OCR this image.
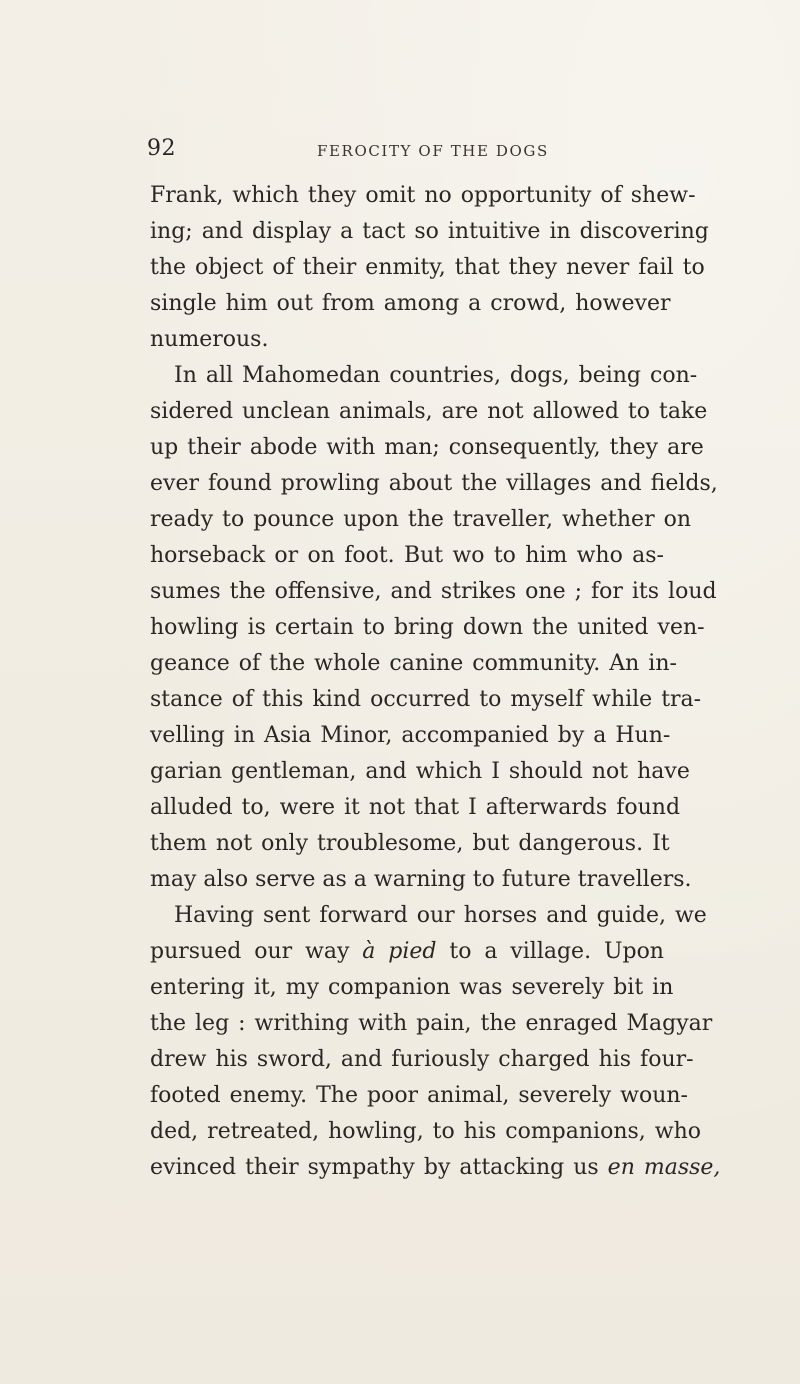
92	FEROCITY OF THE DOGS
Frank, which they omit no opportunity of shew-
ing; and display a tact so intuitive in discovering
the object of their enmity, that they never fail to
single him out from among a crowd, however
numerous.
In all Mahomedan countries, dogs, being con-
sidered unclean animals, are not allowed to take
up their abode with man; consequently, they are
ever found prowling about the villages and fields,
ready to pounce upon the traveller, whether on
horseback or on foot. But wo to him who as-
sumes the offensive, and strikes one ; for its loud
howling is certain to bring down the united ven-
geance of the whole canine community. An in-
stance of this kind occurred to myself while tra-
velling in Asia Minor, accompanied by a Hun-
garian gentleman, and which I should not have
alluded to, were it not that I afterwards found
them not only troublesome, but dangerous. It
may also serve as a warning to future travellers.
Having sent forward our horses and guide, we
pursued our way à pied to a village. Upon
entering it, my companion was severely bit in
the leg : writhing with pain, the enraged Magyar
drew his sword, and furiously charged his four-
footed enemy. The poor animal, severely woun-
ded, retreated, howling, to his companions, who
evinced their sympathy by attacking us en masse,
